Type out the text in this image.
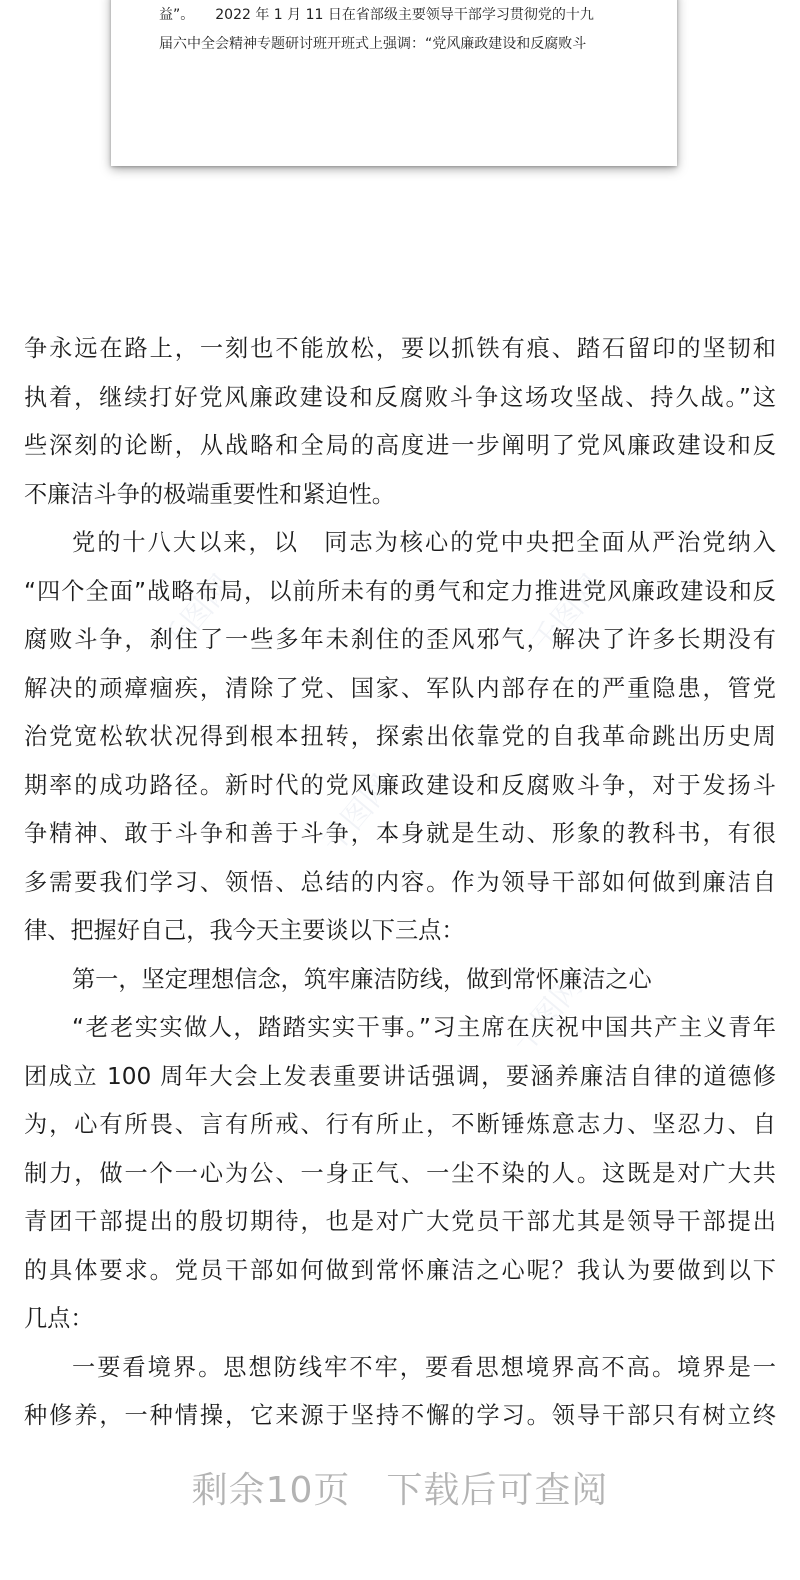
千图网	千图网
千图网
千图网
益”。　　2022 年 1 月 11 日在省部级主要领导干部学习贯彻党的十九
届六中全会精神专题研讨班开班式上强调：“党风廉政建设和反腐败斗
争永远在路上，一刻也不能放松，要以抓铁有痕、踏石留印的坚韧和
执着，继续打好党风廉政建设和反腐败斗争这场攻坚战、持久战。”这
些深刻的论断，从战略和全局的高度进一步阐明了党风廉政建设和反
不廉洁斗争的极端重要性和紧迫性。
党的十八大以来，以　同志为核心的党中央把全面从严治党纳入
“四个全面”战略布局，以前所未有的勇气和定力推进党风廉政建设和反
腐败斗争，刹住了一些多年未刹住的歪风邪气，解决了许多长期没有
解决的顽瘴痼疾，清除了党、国家、军队内部存在的严重隐患，管党
治党宽松软状况得到根本扭转，探索出依靠党的自我革命跳出历史周
期率的成功路径。新时代的党风廉政建设和反腐败斗争，对于发扬斗
争精神、敢于斗争和善于斗争，本身就是生动、形象的教科书，有很
多需要我们学习、领悟、总结的内容。作为领导干部如何做到廉洁自
律、把握好自己，我今天主要谈以下三点：
第一，坚定理想信念，筑牢廉洁防线，做到常怀廉洁之心
“老老实实做人，踏踏实实干事。”习主席在庆祝中国共产主义青年
团成立 100 周年大会上发表重要讲话强调，要涵养廉洁自律的道德修
为，心有所畏、言有所戒、行有所止，不断锤炼意志力、坚忍力、自
制力，做一个一心为公、一身正气、一尘不染的人。这既是对广大共
青团干部提出的殷切期待，也是对广大党员干部尤其是领导干部提出
的具体要求。党员干部如何做到常怀廉洁之心呢？我认为要做到以下
几点：
一要看境界。思想防线牢不牢，要看思想境界高不高。境界是一
种修养，一种情操，它来源于坚持不懈的学习。领导干部只有树立终
剩余10页 下载后可查阅
